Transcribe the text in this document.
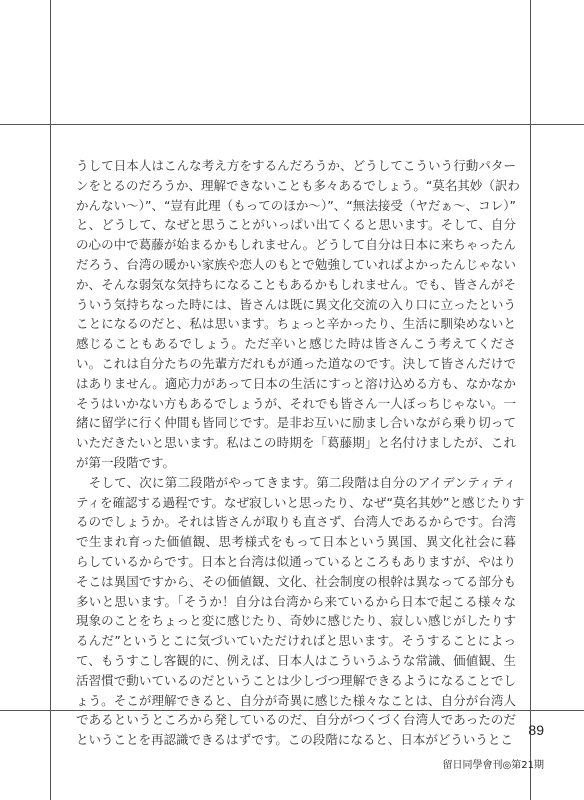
うして日本人はこんな考え方をするんだろうか、どうしてこういう行動パター
ンをとるのだろうか、理解できないことも多々あるでしょう。“莫名其妙（訳わ
かんない〜）”、“豈有此理（もってのほか〜）”、“無法接受（ヤだぁ〜、コレ）”
と、どうして、なぜと思うことがいっぱい出てくると思います。そして、自分
の心の中で葛藤が始まるかもしれません。どうして自分は日本に来ちゃったん
だろう、台湾の暖かい家族や恋人のもとで勉強していればよかったんじゃない
か、そんな弱気な気持ちになることもあるかもしれません。でも、皆さんがそ
ういう気持ちなった時には、皆さんは既に異文化交流の入り口に立ったという
ことになるのだと、私は思います。ちょっと辛かったり、生活に馴染めないと
感じることもあるでしょう。ただ辛いと感じた時は皆さんこう考えてくださ
い。これは自分たちの先輩方だれもが通った道なのです。決して皆さんだけで
はありません。適応力があって日本の生活にすっと溶け込める方も、なかなか
そうはいかない方もあるでしょうが、それでも皆さん一人ぼっちじゃない。一
緒に留学に行く仲間も皆同じです。是非お互いに励まし合いながら乗り切って
いただきたいと思います。私はこの時期を「葛藤期」と名付けましたが、これ
が第一段階です。
　そして、次に第二段階がやってきます。第二段階は自分のアイデンティティ
ティを確認する過程です。なぜ寂しいと思ったり、なぜ“莫名其妙”と感じたりす
るのでしょうか。それは皆さんが取りも直さず、台湾人であるからです。台湾
で生まれ育った価値観、思考様式をもって日本という異国、異文化社会に暮
らしているからです。日本と台湾は似通っているところもありますが、やはり
そこは異国ですから、その価値観、文化、社会制度の根幹は異なってる部分も
多いと思います。「そうか！自分は台湾から来ているから日本で起こる様々な
現象のことをちょっと変に感じたり、奇妙に感じたり、寂しい感じがしたりす
るんだ”というとこに気づいていただければと思います。そうすることによっ
て、もうすこし客観的に、例えば、日本人はこういうふうな常識、価値観、生
活習慣で動いているのだということは少しづつ理解できるようになることでし
ょう。そこが理解できると、自分が奇異に感じた様々なことは、自分が台湾人
であるというところから発しているのだ、自分がつくづく台湾人であったのだ
ということを再認識できるはずです。この段階になると、日本がどういうとこ
89
留日同學會刊◎第21期
